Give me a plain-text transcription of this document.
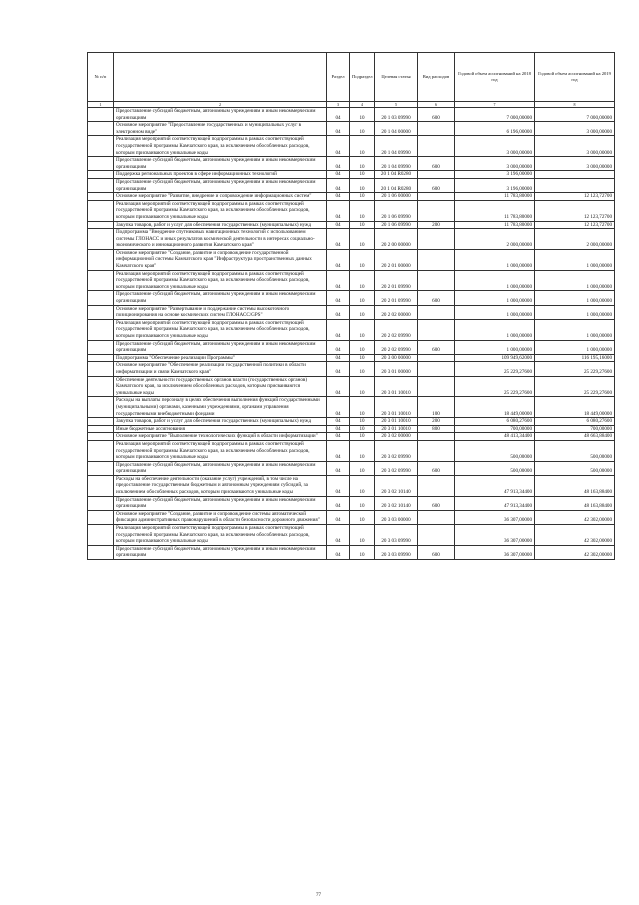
№ п/п		Раздел	Подраздел	Целевая статья	Вид расходов	Годовой объем ассигнований на 2018 год	Годовой объем ассигнований на 2019 год
1	2	3	4	5	6	7	8
	Предоставление субсидий бюджетным, автономным учреждениям и иным некоммерческим организациям	04	10	20 1 03 09990	600	7 000,00000	7 000,00000
	Основное мероприятие "Предоставление государственных и муниципальных услуг в электронном виде"	04	10	20 1 04 00000		6 196,00000	3 000,00000
	Реализация мероприятий соответствующей подпрограммы в рамках соответствующей государственной программы Камчатского края, за исключением обособленных расходов, которым присваиваются уникальные коды	04	10	20 1 04 09990		3 000,00000	3 000,00000
	Предоставление субсидий бюджетным, автономным учреждениям и иным некоммерческим организациям	04	10	20 1 04 09990	600	3 000,00000	3 000,00000
	Поддержка региональных проектов в сфере информационных технологий	04	10	20 1 04 R0280		3 196,00000	
	Предоставление субсидий бюджетным, автономным учреждениям и иным некоммерческим организациям	04	10	20 1 04 R0280	600	3 196,00000	
	Основное мероприятие "Развитие, внедрение и сопровождение информационных систем"	04	10	20 1 06 00000		11 783,80000	12 123,72700
	Реализация мероприятий соответствующей подпрограммы в рамках соответствующей государственной программы Камчатского края, за исключением обособленных расходов, которым присваиваются уникальные коды	04	10	20 1 06 09990		11 783,80000	12 123,72700
	Закупка товаров, работ и услуг для обеспечения государственных (муниципальных) нужд	04	10	20 1 06 09990	200	11 783,80000	12 123,72700
	Подпрограмма "Внедрение спутниковых навигационных технологий с использованием системы ГЛОНАСС и иных результатов космической деятельности в интересах социально-экономического и инновационного развития Камчатского края"	04	10	20 2 00 00000		2 000,00000	2 000,00000
	Основное мероприятие "Создание, развитие и сопровождение государственной информационной системы Камчатского края "Инфраструктура пространственных данных Камчатского края"	04	10	20 2 01 00000		1 000,00000	1 000,00000
	Реализация мероприятий соответствующей подпрограммы в рамках соответствующей государственной программы Камчатского края, за исключением обособленных расходов, которым присваиваются уникальные коды	04	10	20 2 01 09990		1 000,00000	1 000,00000
	Предоставление субсидий бюджетным, автономным учреждениям и иным некоммерческим организациям	04	10	20 2 01 09990	600	1 000,00000	1 000,00000
	Основное мероприятие "Развертывание и поддержание системы высокоточного позиционирования на основе космических систем ГЛОНАСС/GPS"	04	10	20 2 02 00000		1 000,00000	1 000,00000
	Реализация мероприятий соответствующей подпрограммы в рамках соответствующей государственной программы Камчатского края, за исключением обособленных расходов, которым присваиваются уникальные коды	04	10	20 2 02 09990		1 000,00000	1 000,00000
	Предоставление субсидий бюджетным, автономным учреждениям и иным некоммерческим организациям	04	10	20 2 02 09990	600	1 000,00000	1 000,00000
	Подпрограмма "Обеспечение реализации Программы"	04	10	20 3 00 00000		109 949,62000	116 195,16000
	Основное мероприятие "Обеспечение реализации государственной политики в области информатизации и связи Камчатского края"	04	10	20 3 01 00000		25 229,27600	25 229,27600
	Обеспечение деятельности государственных органов власти (государственных органов) Камчатского края, за исключением обособленных расходов, которым присваиваются уникальные коды	04	10	20 3 01 10010		25 229,27600	25 229,27600
	Расходы на выплаты персоналу в целях обеспечения выполнения функций государственными (муниципальными) органами, казенными учреждениями, органами управления государственными внебюджетными фондами	04	10	20 3 01 10010	100	18 449,00000	18 449,00000
	Закупка товаров, работ и услуг для обеспечения государственных (муниципальных) нужд	04	10	20 3 01 10010	200	6 080,27600	6 080,27600
	Иные бюджетные ассигнования	04	10	20 3 01 10010	800	700,00000	700,00000
	Основное мероприятие "Выполнение технологических функций в области информатизации"	04	10	20 3 02 00000		48 413,34400	48 663,88400
	Реализация мероприятий соответствующей подпрограммы в рамках соответствующей государственной программы Камчатского края, за исключением обособленных расходов, которым присваиваются уникальные коды	04	10	20 3 02 09990		500,00000	500,00000
	Предоставление субсидий бюджетным, автономным учреждениям и иным некоммерческим организациям	04	10	20 3 02 09990	600	500,00000	500,00000
	Расходы на обеспечение деятельности (оказание услуг) учреждений, в том числе на предоставление государственным бюджетным и автономным учреждениям субсидий, за исключением обособленных расходов, которым присваиваются уникальные коды	04	10	20 3 02 10140		47 913,34400	48 163,88400
	Предоставление субсидий бюджетным, автономным учреждениям и иным некоммерческим организациям	04	10	20 3 02 10140	600	47 913,34400	48 163,88400
	Основное мероприятие "Создание, развитие и сопровождение системы автоматической фиксации административных правонарушений в области безопасности дорожного движения"	04	10	20 3 03 00000		36 307,00000	42 302,00000
	Реализация мероприятий соответствующей подпрограммы в рамках соответствующей государственной программы Камчатского края, за исключением обособленных расходов, которым присваиваются уникальные коды	04	10	20 3 03 09990		36 307,00000	42 302,00000
	Предоставление субсидий бюджетным, автономным учреждениям и иным некоммерческим организациям	04	10	20 3 03 09990	600	36 307,00000	42 302,00000
77
